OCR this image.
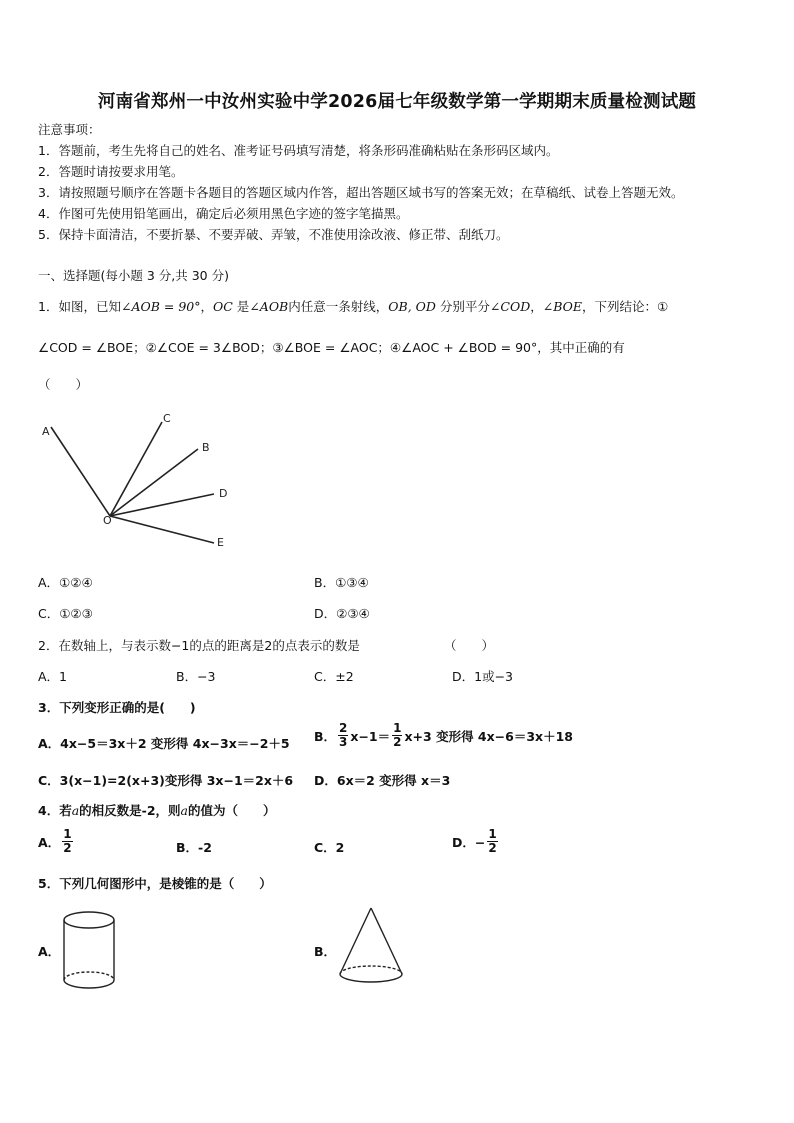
河南省郑州一中汝州实验中学2026届七年级数学第一学期期末质量检测试题
注意事项：
1．答题前，考生先将自己的姓名、准考证号码填写清楚，将条形码准确粘贴在条形码区域内。
2．答题时请按要求用笔。
3．请按照题号顺序在答题卡各题目的答题区域内作答，超出答题区域书写的答案无效；在草稿纸、试卷上答题无效。
4．作图可先使用铅笔画出，确定后必须用黑色字迹的签字笔描黑。
5．保持卡面清洁，不要折暴、不要弄破、弄皱，不准使用涂改液、修正带、刮纸刀。
一、选择题(每小题 3 分,共 30 分)
1．如图，已知∠AOB = 90°，OC 是∠AOB内任意一条射线，OB, OD 分别平分∠COD，∠BOE，下列结论：①
∠COD = ∠BOE；②∠COE = 3∠BOD；③∠BOE = ∠AOC；④∠AOC + ∠BOD = 90°，其中正确的有
（　　）
A
C
B
D
E
O
A．①②④	B．①③④
C．①②③	D．②③④
2．在数轴上，与表示数−1的点的距离是2的点表示的数是	（　　）
A．1	B．−3	C．±2	D．1或−3
3．下列变形正确的是(　　)
A．4x−5＝3x＋2 变形得 4x−3x＝−2＋5 B． $\frac{2}{3} x-1= \frac{1}{2} x+3$ 变形得 4x−6＝3x＋18
C．3(x−1)=2(x+3)变形得 3x−1＝2x＋6 D．6x＝2 变形得 x＝3
4．若a的相反数是-2，则a的值为（　　）
A． $\frac{1}{2}$	B．-2	C．2	D．− $\frac{1}{2}$
5．下列几何图形中，是棱锥的是（　　）
A．	B．
